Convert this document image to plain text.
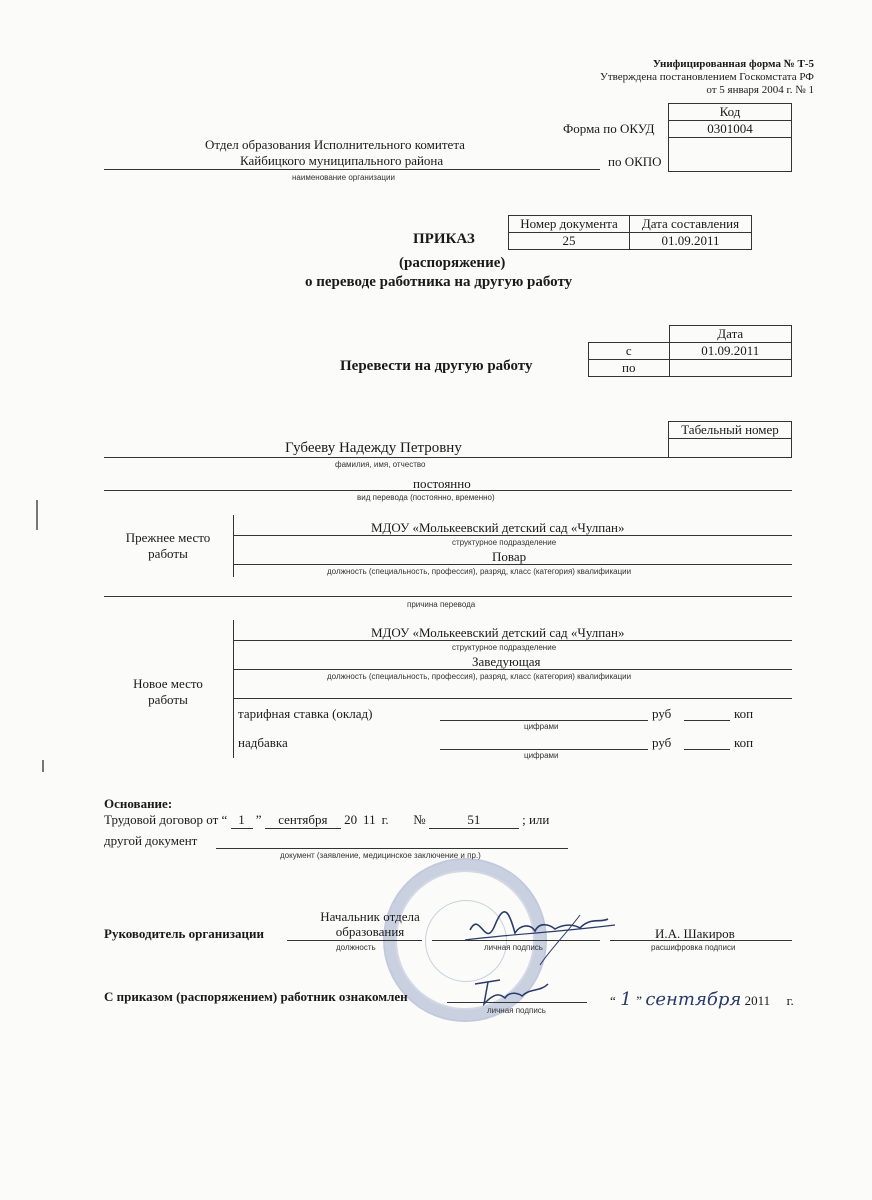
Унифицированная форма № Т-5
Утверждена постановлением Госкомстата РФ
от 5 января 2004 г. № 1
Код
0301004

Форма по ОКУД
по ОКПО
Отдел образования Исполнительного комитета
Кайбицкого муниципального района
наименование организации
Номер документа	Дата составления
25	01.09.2011
ПРИКАЗ
(распоряжение)
о переводе работника на другую работу
	Дата
с	01.09.2011
по	
Перевести на другую работу
Табельный номер

Губееву Надежду Петровну
фамилия, имя, отчество
постоянно
вид перевода (постоянно, временно)
Прежнее место
работы
МДОУ «Молькеевский детский сад «Чулпан»
структурное подразделение
Повар
должность (специальность, профессия), разряд, класс (категория) квалификации
причина перевода
Новое место
работы
МДОУ «Молькеевский детский сад «Чулпан»
структурное подразделение
Заведующая
должность (специальность, профессия), разряд, класс (категория) квалификации
тарифная ставка (оклад)	руб	коп
цифрами
надбавка	руб	коп
цифрами
Основание:
Трудовой договор от “ 1 ” сентября 20 11 г. №	51	; или
другой документ
документ (заявление, медицинское заключение и пр.)
Руководитель организации
Начальник отдела
образования
должность	личная подпись
И.А. Шакиров
расшифровка подписи
С приказом (распоряжением) работник ознакомлен
личная подпись
“ 1 ” сентября 2011 г.
